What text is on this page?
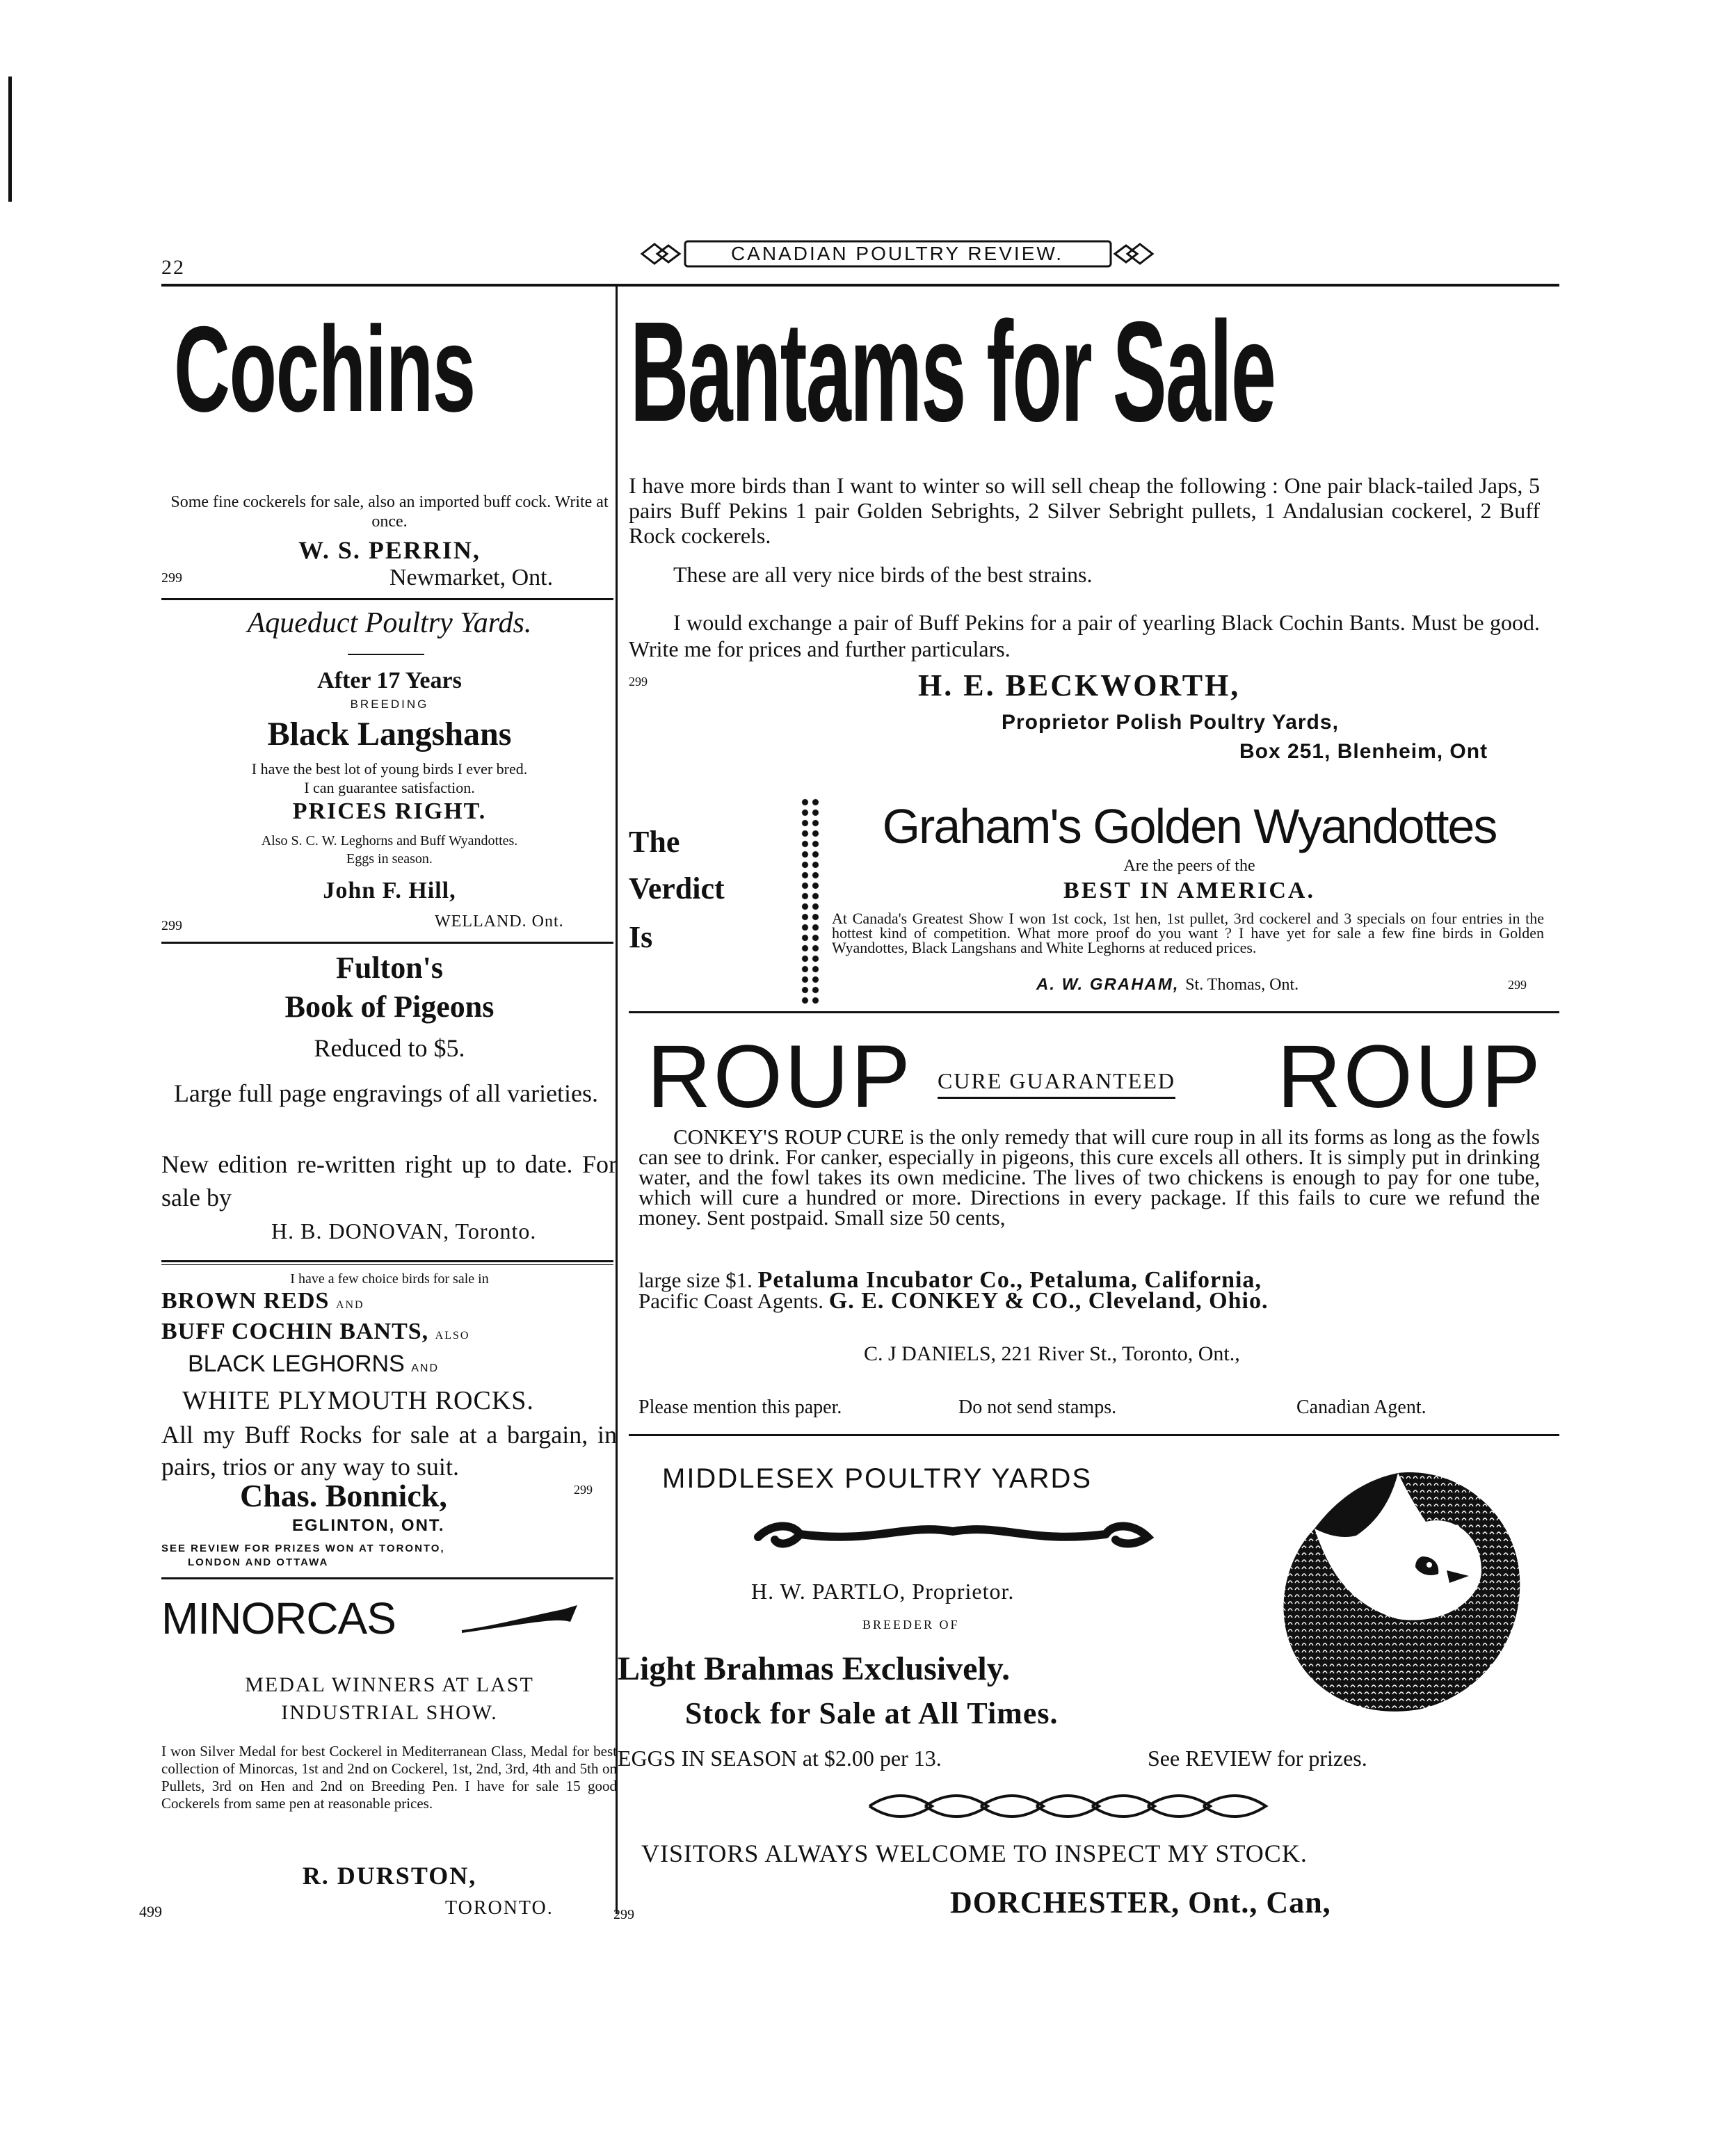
22
CANADIAN POULTRY REVIEW.
Cochins
Some fine cockerels for sale, also an imported buff cock. Write at once.
W. S. PERRIN,
299	Newmarket, Ont.
Aqueduct Poultry Yards.
After 17 Years
BREEDING
Black Langshans
I have the best lot of young birds I ever bred.
I can guarantee satisfaction.
PRICES RIGHT.
Also S. C. W. Leghorns and Buff Wyandottes.
Eggs in season.
John F. Hill,
299	WELLAND. Ont.
Fulton's
Book of Pigeons
Reduced to $5.
Large full page engravings of all varieties.
New edition re-written right up to date. For sale by
H. B. DONOVAN, Toronto.
I have a few choice birds for sale in
BROWN REDS AND
BUFF COCHIN BANTS, ALSO
BLACK LEGHORNS AND
WHITE PLYMOUTH ROCKS.
All my Buff Rocks for sale at a bargain, in pairs, trios or any way to suit.
Chas. Bonnick,	299
EGLINTON, ONT.
SEE REVIEW FOR PRIZES WON AT TORONTO,
LONDON AND OTTAWA
MINORCAS
MEDAL WINNERS AT LAST
INDUSTRIAL SHOW.
I won Silver Medal for best Cockerel in Mediterranean Class, Medal for best collection of Minorcas, 1st and 2nd on Cockerel, 1st, 2nd, 3rd, 4th and 5th on Pullets, 3rd on Hen and 2nd on Breeding Pen. I have for sale 15 good Cockerels from same pen at reasonable prices.
R. DURSTON,
499	TORONTO.
Bantams for Sale
I have more birds than I want to winter so will sell cheap the following : One pair black-tailed Japs, 5 pairs Buff Pekins 1 pair Golden Sebrights, 2 Silver Sebright pullets, 1 Andalusian cockerel, 2 Buff Rock cockerels.
These are all very nice birds of the best strains.
I would exchange a pair of Buff Pekins for a pair of yearling Black Cochin Bants. Must be good. Write me for prices and further particulars.
299	H. E. BECKWORTH,
Proprietor Polish Poultry Yards,
Box 251, Blenheim, Ont
The
Verdict
Is
Graham's Golden Wyandottes
Are the peers of the
BEST IN AMERICA.
At Canada's Greatest Show I won 1st cock, 1st hen, 1st pullet, 3rd cockerel and 3 specials on four entries in the hottest kind of competition. What more proof do you want ? I have yet for sale a few fine birds in Golden Wyandottes, Black Langshans and White Leghorns at reduced prices.
A. W. GRAHAM, St. Thomas, Ont.	299
ROUP CURE GUARANTEED ROUP
CONKEY'S ROUP CURE is the only remedy that will cure roup in all its forms as long as the fowls can see to drink. For canker, especially in pigeons, this cure excels all others. It is simply put in drinking water, and the fowl takes its own medicine. The lives of two chickens is enough to pay for one tube, which will cure a hundred or more. Directions in every package. If this fails to cure we refund the money. Sent postpaid. Small size 50 cents,
large size $1. Petaluma Incubator Co., Petaluma, California,
Pacific Coast Agents. G. E. CONKEY & CO., Cleveland, Ohio.
C. J DANIELS, 221 River St., Toronto, Ont.,
Please mention this paper.	Do not send stamps.	Canadian Agent.
MIDDLESEX POULTRY YARDS
H. W. PARTLO, Proprietor.
BREEDER OF
Light Brahmas Exclusively.
Stock for Sale at All Times.
EGGS IN SEASON at $2.00 per 13.	See REVIEW for prizes.
VISITORS ALWAYS WELCOME TO INSPECT MY STOCK.
299	DORCHESTER, Ont., Can,
